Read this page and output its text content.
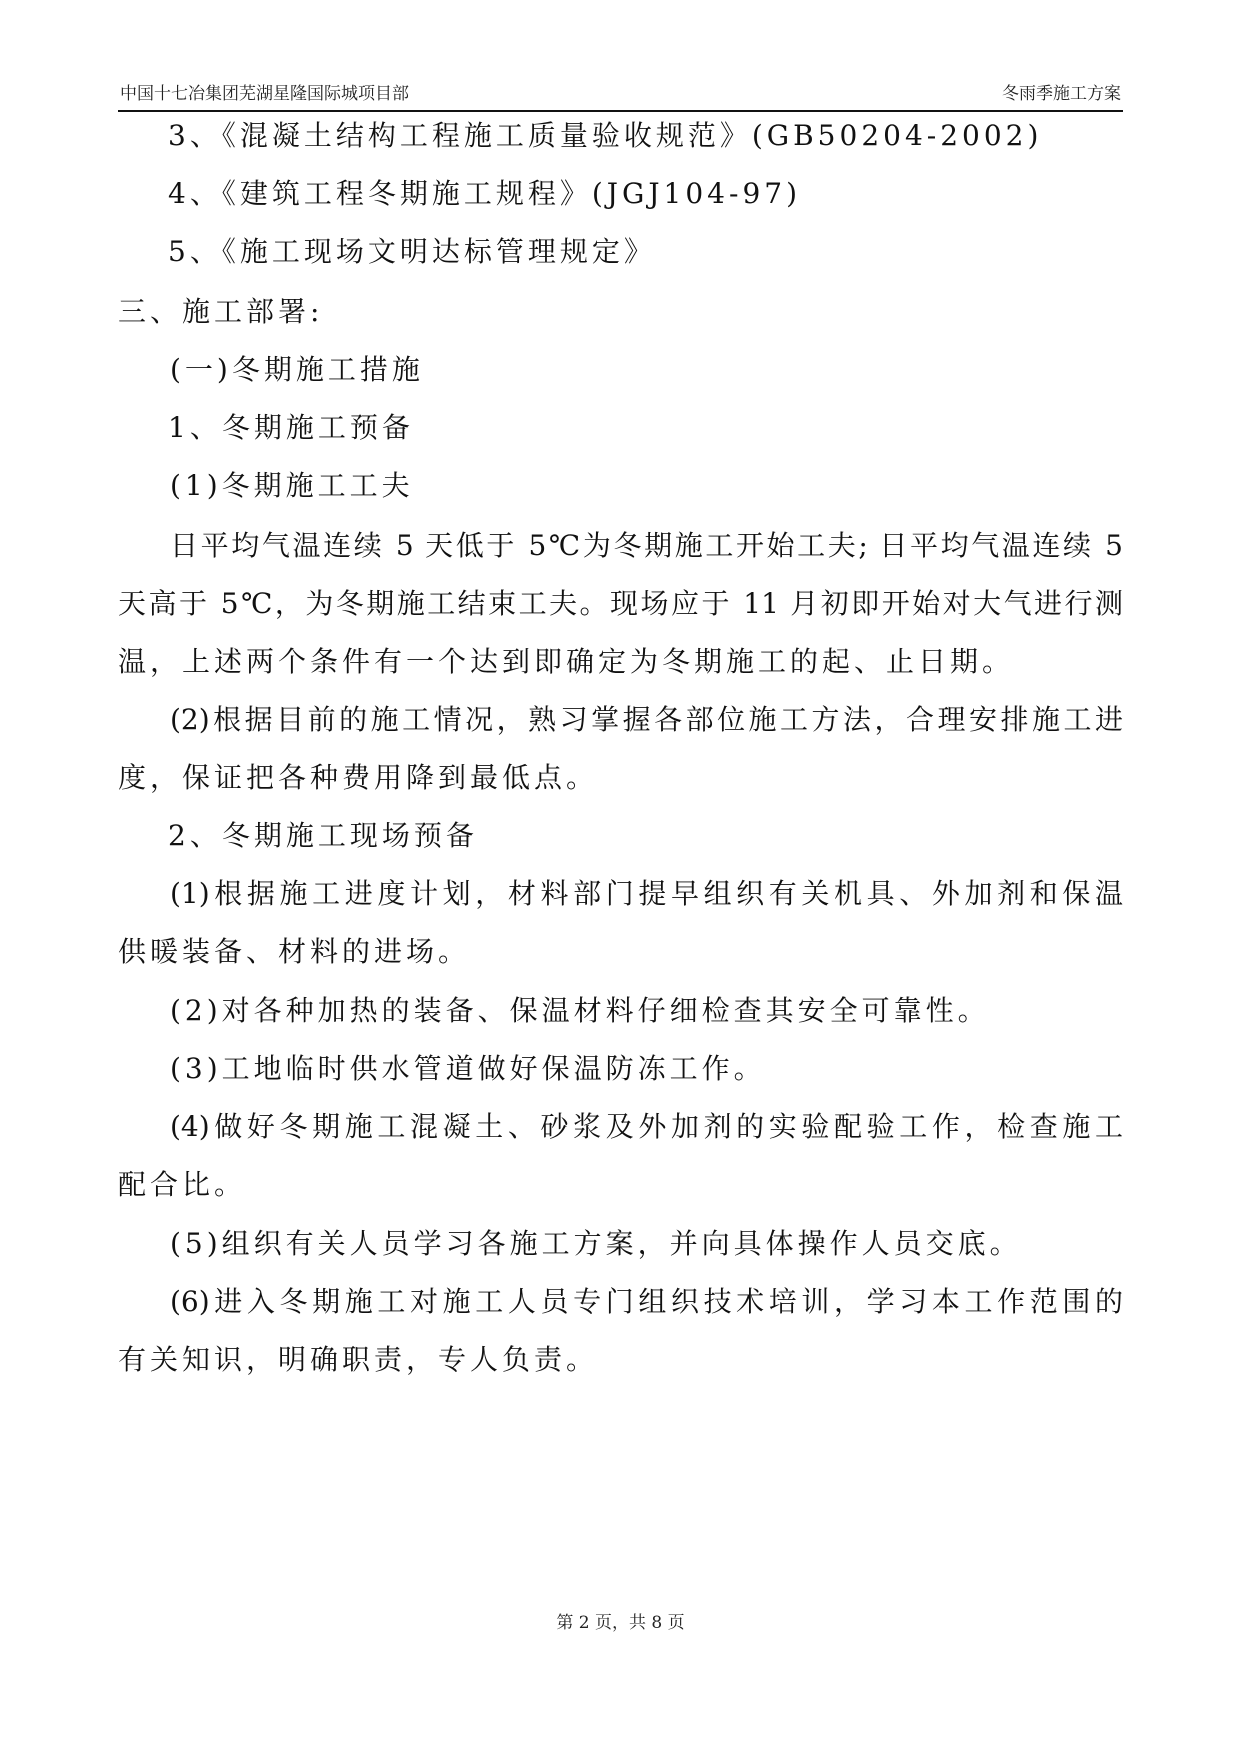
中国十七冶集团芜湖星隆国际城项目部	冬雨季施工方案
3、《混凝土结构工程施工质量验收规范》(GB50204-2002)
4、《建筑工程冬期施工规程》(JGJ104-97)
5、《施工现场文明达标管理规定》
三、施工部署:
(一)冬期施工措施
1、冬期施工预备
(1)冬期施工工夫
日平均气温连续 5 天低于 5℃为冬期施工开始工夫; 日平均气温连续 5
天高于 5℃，为冬期施工结束工夫。现场应于 11 月初即开始对大气进行测
温，上述两个条件有一个达到即确定为冬期施工的起、止日期。
(2)根据目前的施工情况，熟习掌握各部位施工方法，合理安排施工进
度，保证把各种费用降到最低点。
2、冬期施工现场预备
(1)根据施工进度计划，材料部门提早组织有关机具、外加剂和保温
供暖装备、材料的进场。
(2)对各种加热的装备、保温材料仔细检查其安全可靠性。
(3)工地临时供水管道做好保温防冻工作。
(4)做好冬期施工混凝土、砂浆及外加剂的实验配验工作，检查施工
配合比。
(5)组织有关人员学习各施工方案，并向具体操作人员交底。
(6)进入冬期施工对施工人员专门组织技术培训，学习本工作范围的
有关知识，明确职责，专人负责。
第 2 页，共 8 页
